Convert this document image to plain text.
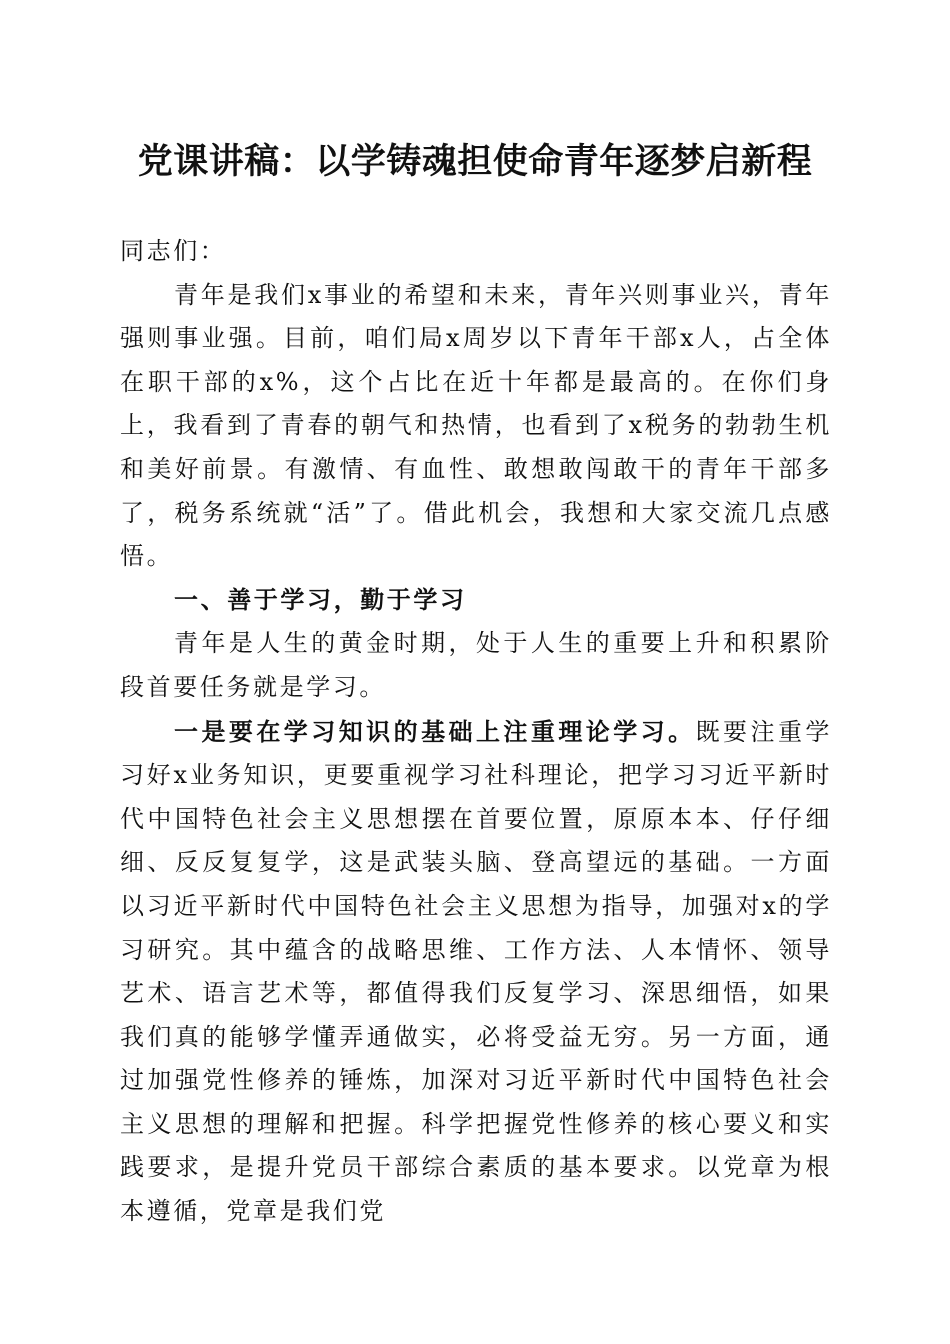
党课讲稿：以学铸魂担使命青年逐梦启新程

同志们：

青年是我们x事业的希望和未来，青年兴则事业兴，青年强则事业强。目前，咱们局x周岁以下青年干部x人，占全体在职干部的x%，这个占比在近十年都是最高的。在你们身上，我看到了青春的朝气和热情，也看到了x税务的勃勃生机和美好前景。有激情、有血性、敢想敢闯敢干的青年干部多了，税务系统就“活”了。借此机会，我想和大家交流几点感悟。

一、善于学习，勤于学习

青年是人生的黄金时期，处于人生的重要上升和积累阶段首要任务就是学习。

一是要在学习知识的基础上注重理论学习。既要注重学习好x业务知识，更要重视学习社科理论，把学习习近平新时代中国特色社会主义思想摆在首要位置，原原本本、仔仔细细、反反复复学，这是武装头脑、登高望远的基础。一方面以习近平新时代中国特色社会主义思想为指导，加强对x的学习研究。其中蕴含的战略思维、工作方法、人本情怀、领导艺术、语言艺术等，都值得我们反复学习、深思细悟，如果我们真的能够学懂弄通做实，必将受益无穷。另一方面，通过加强党性修养的锤炼，加深对习近平新时代中国特色社会主义思想的理解和把握。科学把握党性修养的核心要义和实践要求，是提升党员干部综合素质的基本要求。以党章为根本遵循，党章是我们党
